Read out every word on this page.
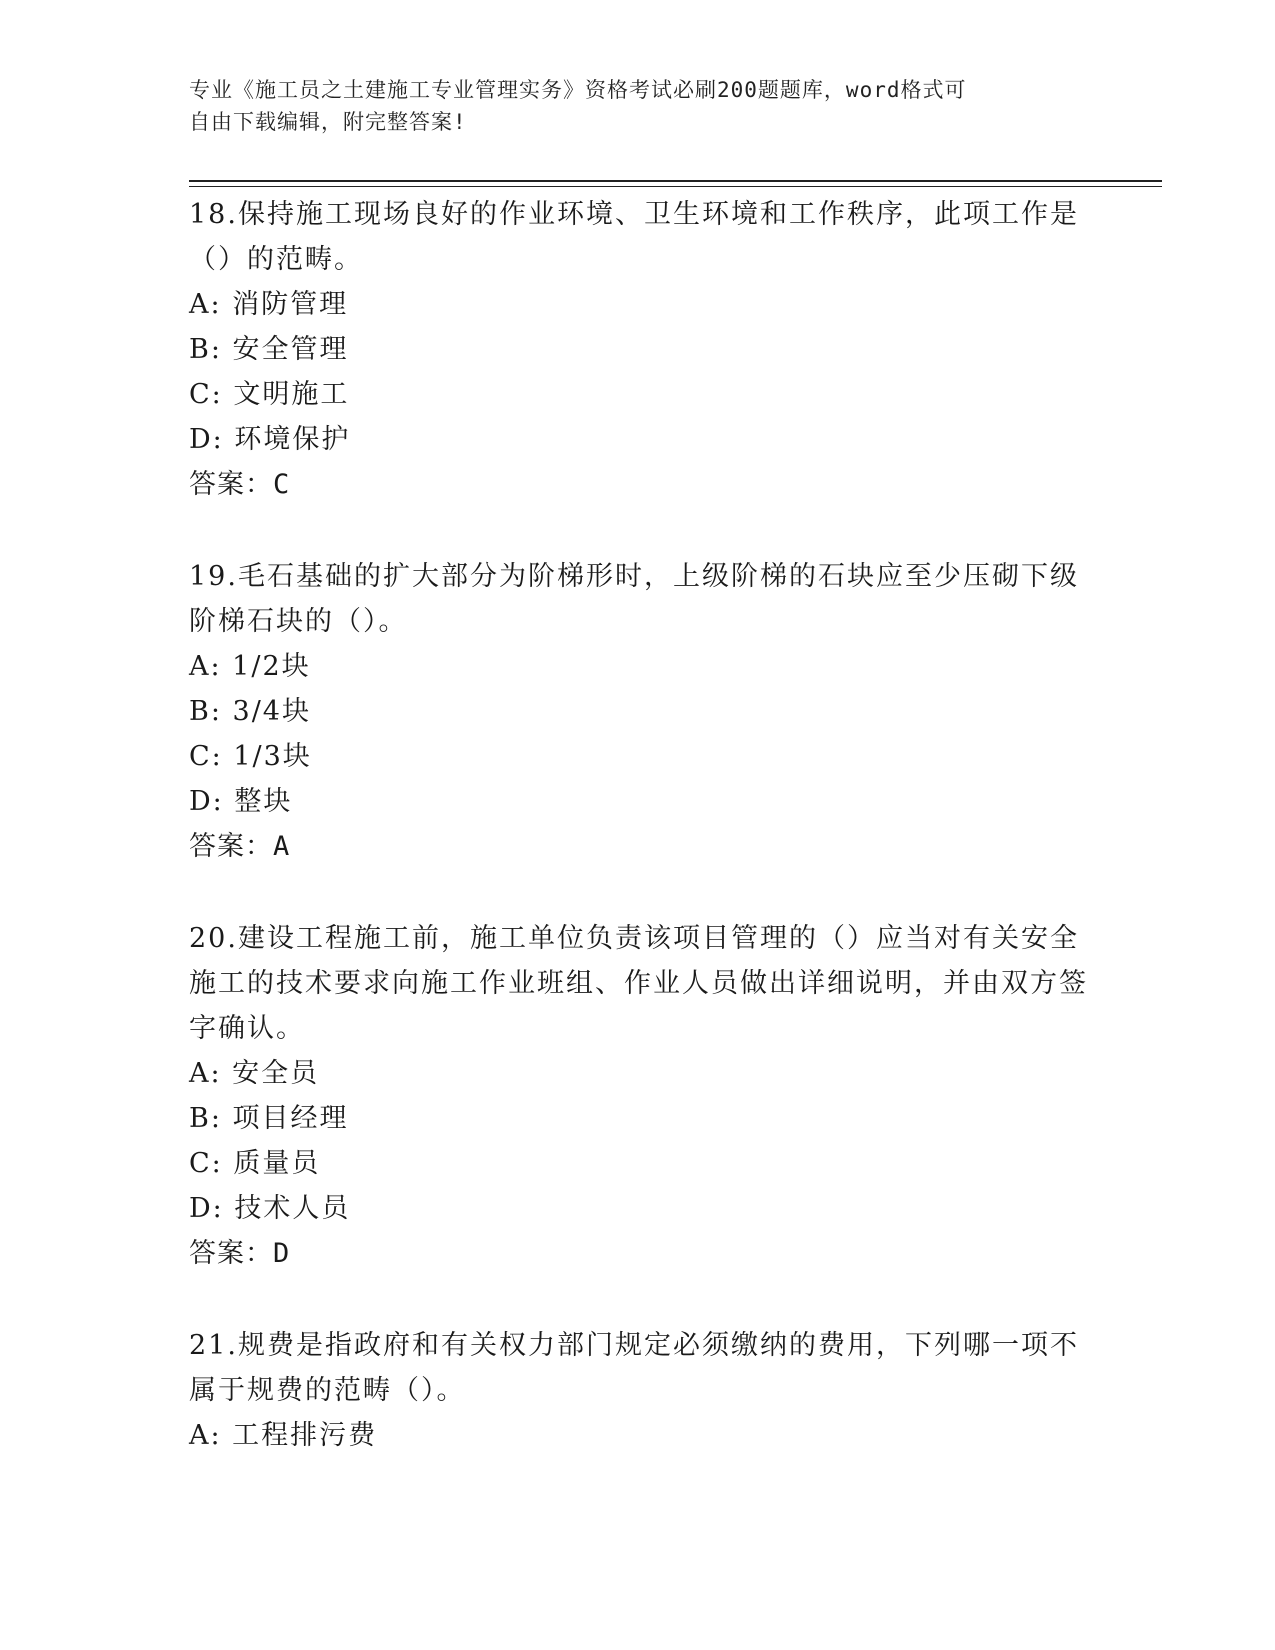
专业《施工员之土建施工专业管理实务》资格考试必刷200题题库，word格式可
自由下载编辑，附完整答案!

18.保持施工现场良好的作业环境、卫生环境和工作秩序，此项工作是（）的范畴。

A: 消防管理

B: 安全管理

C: 文明施工

D: 环境保护

答案：C

19.毛石基础的扩大部分为阶梯形时，上级阶梯的石块应至少压砌下级阶梯石块的（）。

A: 1/2块

B: 3/4块

C: 1/3块

D: 整块

答案：A

20.建设工程施工前，施工单位负责该项目管理的（）应当对有关安全施工的技术要求向施工作业班组、作业人员做出详细说明，并由双方签字确认。

A: 安全员

B: 项目经理

C: 质量员

D: 技术人员

答案：D

21.规费是指政府和有关权力部门规定必须缴纳的费用，下列哪一项不属于规费的范畴（）。

A: 工程排污费
